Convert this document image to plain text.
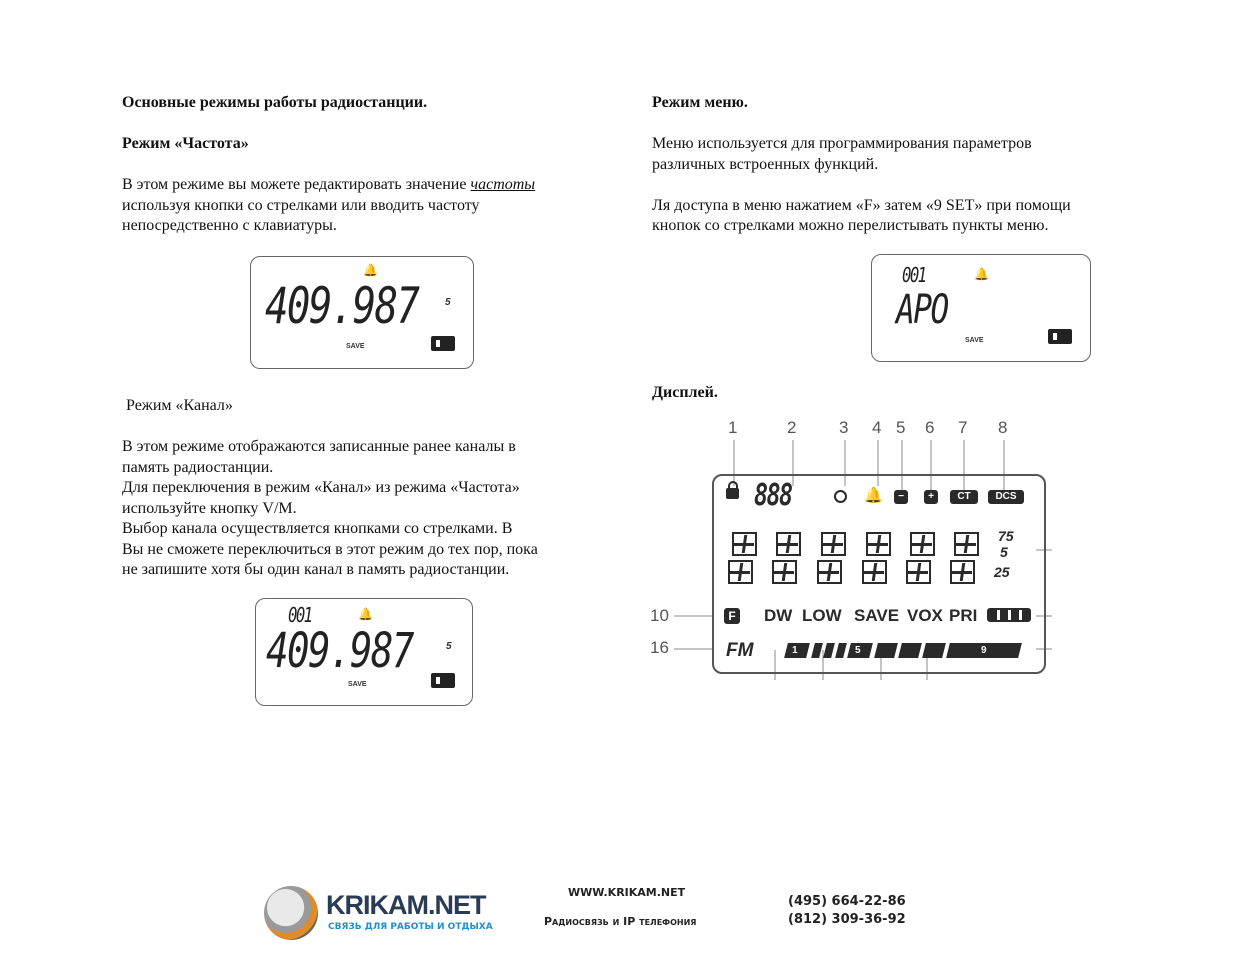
Основные режимы работы радиостанции.

Режим «Частота»

В этом режиме вы можете редактировать значение частоты

используя кнопки со стрелками или вводить частоту

непосредственно с клавиатуры.

Режим «Канал»

В этом режиме отображаются записанные ранее каналы в

память радиостанции.

Для переключения в режим «Канал» из режима «Частота»

используйте кнопку V/M.

Выбор канала осуществляется кнопками со стрелками. В

Вы не сможете переключиться в этот режим до тех пор, пока

не запишите хотя бы один канал в память радиостанции.

Режим меню.

Меню используется для программирования параметров

различных встроенных функций.

Ля доступа в меню нажатием «F» затем «9 SET» при помощи

кнопок со стрелками можно перелистывать пункты меню.

Дисплей.
🔔
409.987	5
SAVE
001	🔔
APO
SAVE
001	🔔
409.987	5
SAVE
1	2	3 4 5 6 7 8
10
16
888	🔔	−	+	CT	DCS
75
5
25
F DW LOW SAVE VOX PRI
FM	1	5	9
KRIKAM.NET
СВЯЗЬ ДЛЯ РАБОТЫ И ОТДЫХА
WWW.KRIKAM.NET
Радиосвязь и IP телефония
(495) 664-22-86
(812) 309-36-92
